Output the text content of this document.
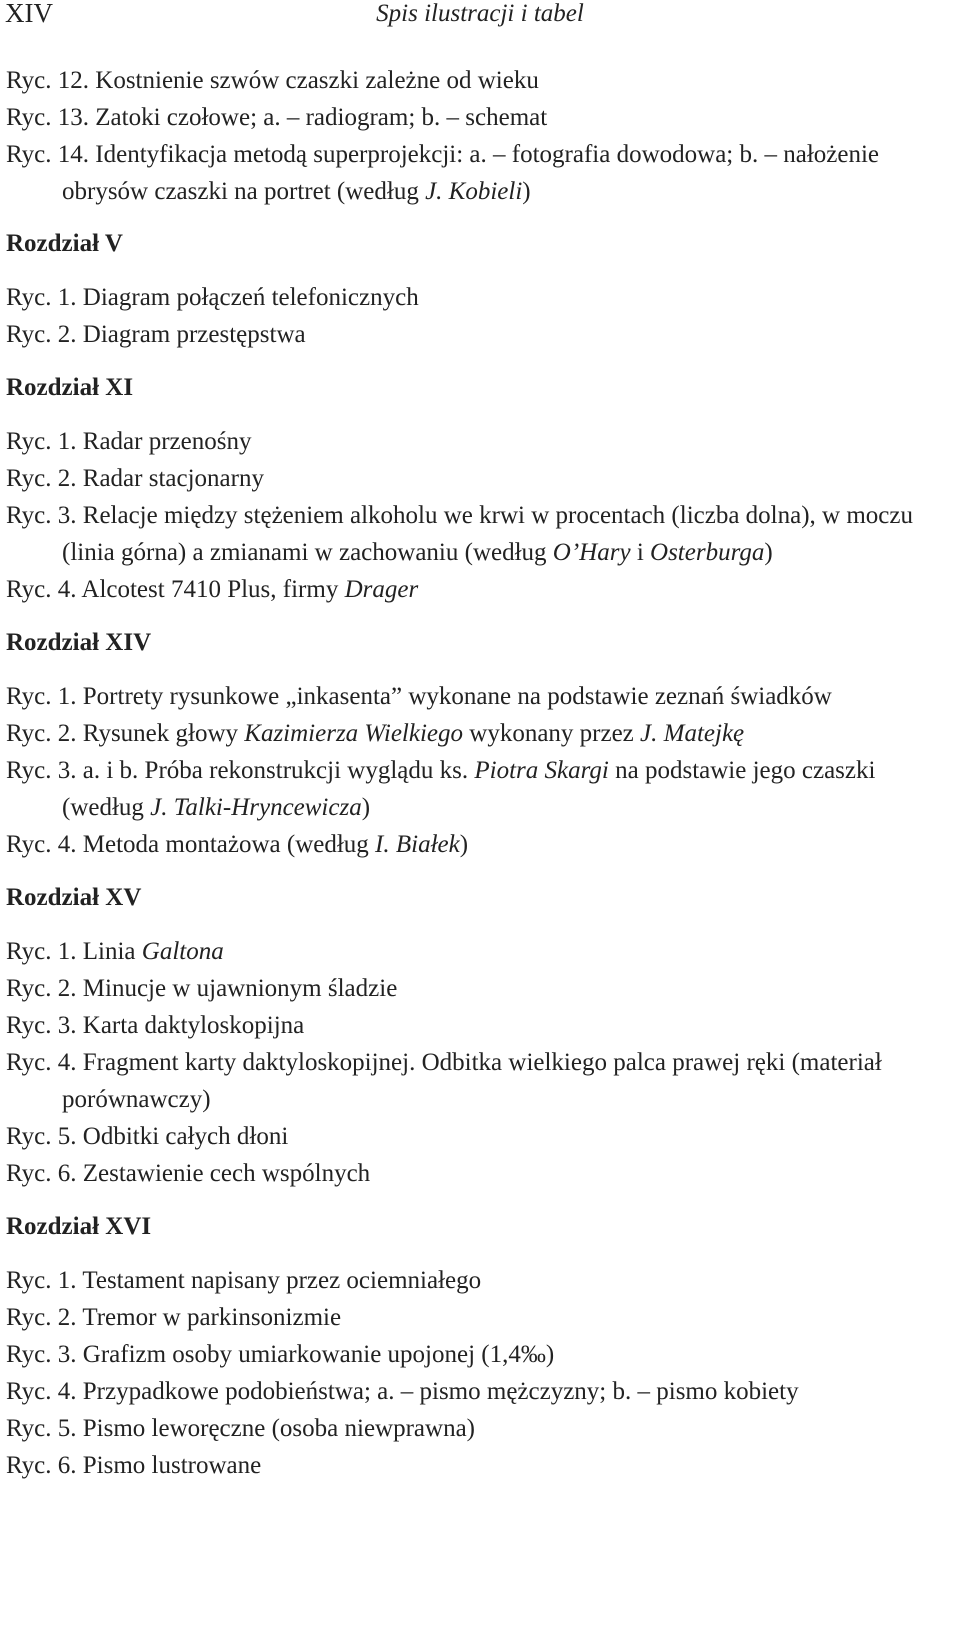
XIV	Spis ilustracji i tabel

Ryc. 12. Kostnienie szwów czaszki zależne od wieku

Ryc. 13. Zatoki czołowe; a. – radiogram; b. – schemat

Ryc. 14. Identyfikacja metodą superprojekcji: a. – fotografia dowodowa; b. – nałożenie obrysów czaszki na portret (według J. Kobieli)

Rozdział V

Ryc. 1. Diagram połączeń telefonicznych

Ryc. 2. Diagram przestępstwa

Rozdział XI

Ryc. 1. Radar przenośny

Ryc. 2. Radar stacjonarny

Ryc. 3. Relacje między stężeniem alkoholu we krwi w procentach (liczba dolna), w moczu (linia górna) a zmianami w zachowaniu (według O’Hary i Osterburga)

Ryc. 4. Alcotest 7410 Plus, firmy Drager

Rozdział XIV

Ryc. 1. Portrety rysunkowe „inkasenta” wykonane na podstawie zeznań świadków

Ryc. 2. Rysunek głowy Kazimierza Wielkiego wykonany przez J. Matejkę

Ryc. 3. a. i b. Próba rekonstrukcji wyglądu ks. Piotra Skargi na podstawie jego czaszki (według J. Talki-Hryncewicza)

Ryc. 4. Metoda montażowa (według I. Białek)

Rozdział XV

Ryc. 1. Linia Galtona

Ryc. 2. Minucje w ujawnionym śladzie

Ryc. 3. Karta daktyloskopijna

Ryc. 4. Fragment karty daktyloskopijnej. Odbitka wielkiego palca prawej ręki (materiał porównawczy)

Ryc. 5. Odbitki całych dłoni

Ryc. 6. Zestawienie cech wspólnych

Rozdział XVI

Ryc. 1. Testament napisany przez ociemniałego

Ryc. 2. Tremor w parkinsonizmie

Ryc. 3. Grafizm osoby umiarkowanie upojonej (1,4‰)

Ryc. 4. Przypadkowe podobieństwa; a. – pismo mężczyzny; b. – pismo kobiety

Ryc. 5. Pismo leworęczne (osoba niewprawna)

Ryc. 6. Pismo lustrowane
